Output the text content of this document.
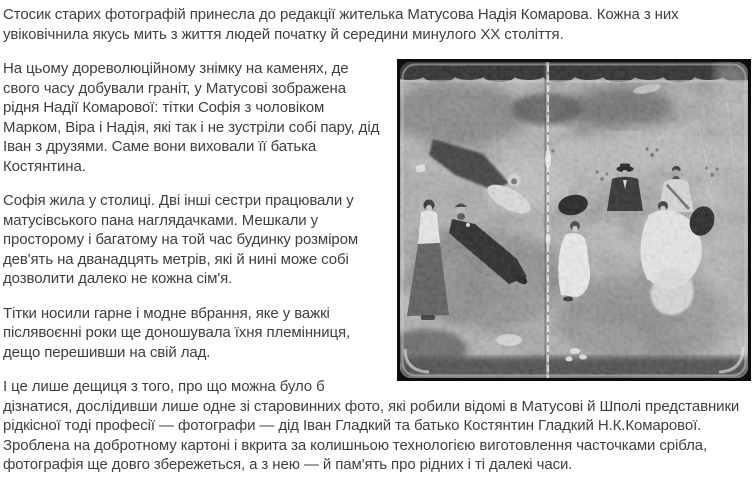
Стосик старих фотографій принесла до редакції жителька Матусова Надія Комарова. Кожна з них увіковічнила якусь мить з життя людей початку й середини минулого XX століття.

На цьому дореволюційному знімку на каменях, де свого часу добували граніт, у Матусові зображена рідня Надії Комарової: тітки Софія з чоловіком Марком, Віра і Надія, які так і не зустріли собі пару, дід Іван з друзями. Саме вони виховали її батька Костянтина.

Софія жила у столиці. Дві інші сестри працювали у матусівського пана наглядачками. Мешкали у просторому і багатому на той час будинку розміром дев'ять на дванадцять метрів, які й нині може собі дозволити далеко не кожна сім'я.

Тітки носили гарне і модне вбрання, яке у важкі післявоєнні роки ще доношувала їхня племінниця, дещо перешивши на свій лад.

І це лише дещиця з того, про що можна було б дізнатися, дослідивши лише одне зі старовинних фото, які робили відомі в Матусові й Шполі представники рідкісної тоді професії — фотографи — дід Іван Гладкий та батько Костянтин Гладкий Н.К.Комарової. Зроблена на добротному картоні і вкрита за колишньою технологією виготовлення часточками срібла, фотографія ще довго збережеться, а з нею — й пам'ять про рідних і ті далекі часи.
